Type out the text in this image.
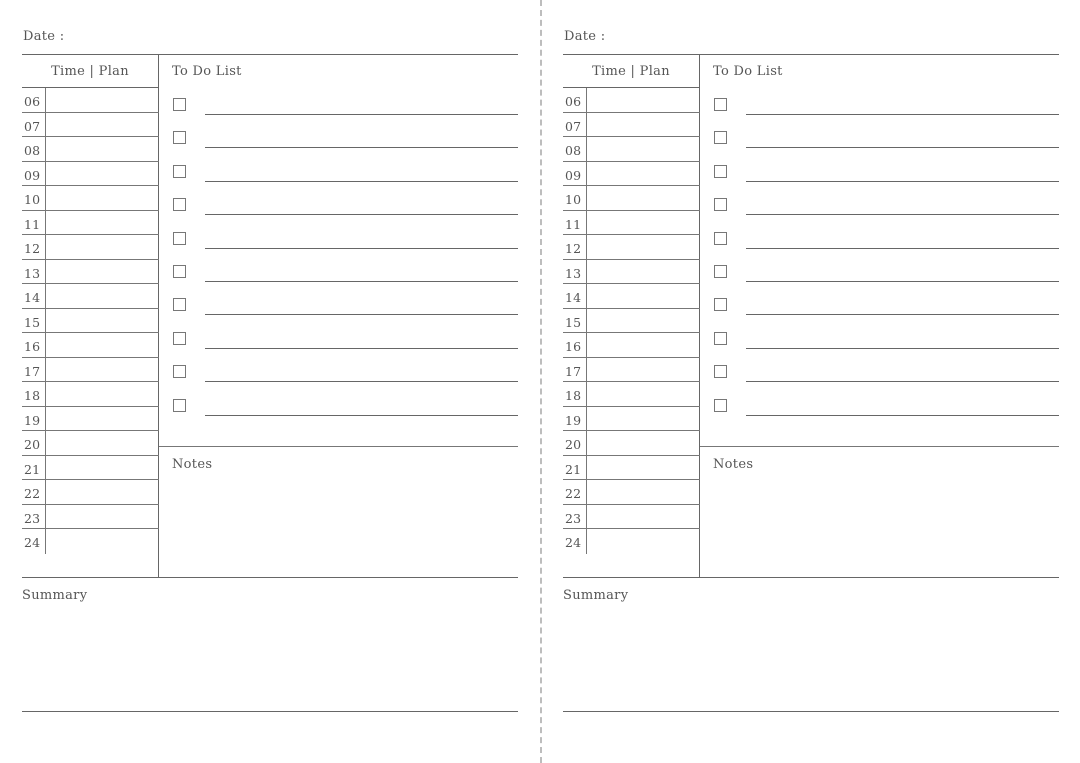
Date :
Time | Plan	To Do List
06
07
08
09
10
11
12
13
14
15
16
17
18
19
20
21
22
23
24
Notes
Summary
Date :
Time | Plan	To Do List
06
07
08
09
10
11
12
13
14
15
16
17
18
19
20
21
22
23
24
Notes
Summary
